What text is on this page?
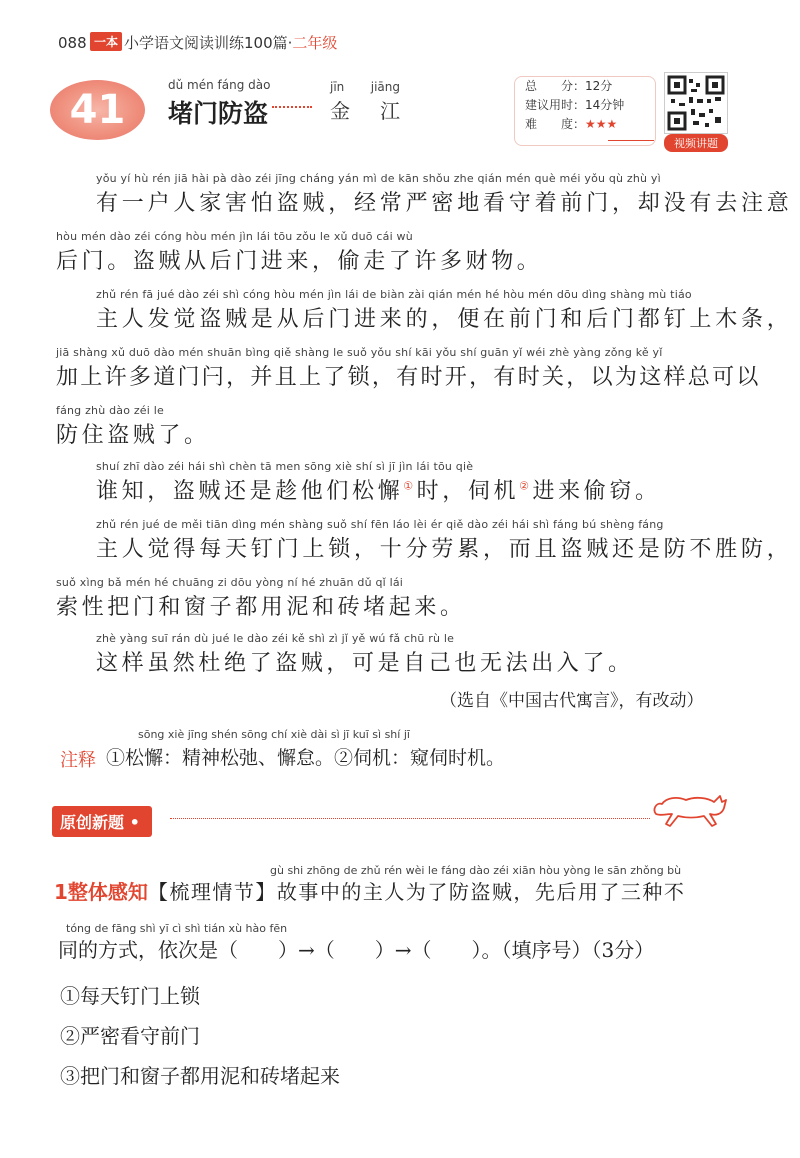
088 一本 小学语文阅读训练100篇·二年级
41
dǔ mén fáng dào
堵门防盗
jīn jiāng
金 江
总　　分：12分
建议用时：14分钟
难　　度：★★★
视频讲题
yǒu yí hù rén jiā hài pà dào zéi jīng cháng yán mì de kān shǒu zhe qián mén què méi yǒu qù zhù yì
有一户人家害怕盗贼，经常严密地看守着前门，却没有去注意
hòu mén dào zéi cóng hòu mén jìn lái tōu zǒu le xǔ duō cái wù
后门。盗贼从后门进来，偷走了许多财物。
zhǔ rén fā jué dào zéi shì cóng hòu mén jìn lái de biàn zài qián mén hé hòu mén dōu dìng shàng mù tiáo
主人发觉盗贼是从后门进来的，便在前门和后门都钉上木条，
jiā shàng xǔ duō dào mén shuān bìng qiě shàng le suǒ yǒu shí kāi yǒu shí guān yǐ wéi zhè yàng zǒng kě yǐ
加上许多道门闩，并且上了锁，有时开，有时关，以为这样总可以
fáng zhù dào zéi le
防住盗贼了。
shuí zhī dào zéi hái shì chèn tā men sōng xiè shí sì jī jìn lái tōu qiè
谁知，盗贼还是趁他们松懈①时，伺机②进来偷窃。
zhǔ rén jué de měi tiān dìng mén shàng suǒ shí fēn láo lèi ér qiě dào zéi hái shì fáng bú shèng fáng
主人觉得每天钉门上锁，十分劳累，而且盗贼还是防不胜防，
suǒ xìng bǎ mén hé chuāng zi dōu yòng ní hé zhuān dǔ qǐ lái
索性把门和窗子都用泥和砖堵起来。
zhè yàng suī rán dù jué le dào zéi kě shì zì jǐ yě wú fǎ chū rù le
这样虽然杜绝了盗贼，可是自己也无法出入了。
（选自《中国古代寓言》，有改动）
sōng xiè jīng shén sōng chí xiè dài sì jī kuī sì shí jī
注释 ①松懈：精神松弛、懈怠。②伺机：窥伺时机。
原创新题 •
gù shi zhōng de zhǔ rén wèi le fáng dào zéi xiān hòu yòng le sān zhǒng bù
1整体感知【梳理情节】故事中的主人为了防盗贼，先后用了三种不
tóng de fāng shì yī cì shì tián xù hào fēn
同的方式，依次是（　　）→（　　）→（　　）。（填序号）（3分）
①每天钉门上锁
②严密看守前门
③把门和窗子都用泥和砖堵起来
